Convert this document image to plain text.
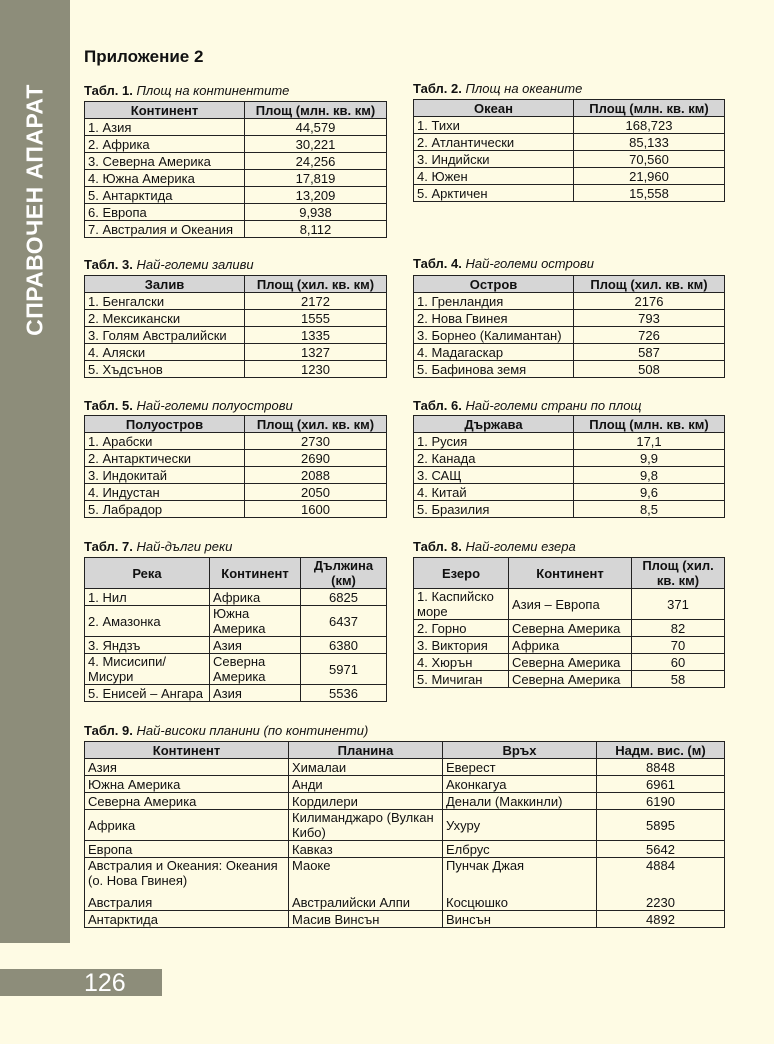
СПРАВОЧЕН АПАРАТ
Приложение 2
Табл. 1. Площ на континентите
Континент	Площ (млн. кв. км)
1. Азия	44,579
2. Африка	30,221
3. Северна Америка	24,256
4. Южна Америка	17,819
5. Антарктида	13,209
6. Европа	9,938
7. Австралия и Океания	8,112
Табл. 2. Площ на океаните
Океан	Площ (млн. кв. км)
1. Тихи	168,723
2. Атлантически	85,133
3. Индийски	70,560
4. Южен	21,960
5. Арктичен	15,558
Табл. 3. Най-големи заливи
Залив	Площ (хил. кв. км)
1. Бенгалски	2172
2. Мексикански	1555
3. Голям Австралийски	1335
4. Аляски	1327
5. Хъдсънов	1230
Табл. 4. Най-големи острови
Остров	Площ (хил. кв. км)
1. Гренландия	2176
2. Нова Гвинея	793
3. Борнео (Калимантан)	726
4. Мадагаскар	587
5. Бафинова земя	508
Табл. 5. Най-големи полуострови
Полуостров	Площ (хил. кв. км)
1. Арабски	2730
2. Антарктически	2690
3. Индокитай	2088
4. Индустан	2050
5. Лабрадор	1600
Табл. 6. Най-големи страни по площ
Държава	Площ (млн. кв. км)
1. Русия	17,1
2. Канада	9,9
3. САЩ	9,8
4. Китай	9,6
5. Бразилия	8,5
Табл. 7. Най-дълги реки
Река	Континент	Дължина (км)
1. Нил	Африка	6825
2. Амазонка	Южна Америка	6437
3. Яндзъ	Азия	6380
4. Мисисипи/ Мисури	Северна Америка	5971
5. Енисей – Ангара	Азия	5536
Табл. 8. Най-големи езера
Езеро	Континент	Площ (хил. кв. км)
1. Каспийско море	Азия – Европа	371
2. Горно	Северна Америка	82
3. Виктория	Африка	70
4. Хюрън	Северна Америка	60
5. Мичиган	Северна Америка	58
Табл. 9. Най-високи планини (по континенти)
Континент	Планина	Връх	Надм. вис. (м)
Азия	Хималаи	Еверест	8848
Южна Америка	Анди	Аконкагуа	6961
Северна Америка	Кордилери	Денали (Маккинли)	6190
Африка	Килиманджаро (Вулкан Кибо)	Ухуру	5895
Европа	Кавказ	Елбрус	5642
Австралия и Океания: Океания (о. Нова Гвинея)	Маоке	Пунчак Джая	4884
Австралия	Австралийски Алпи	Косцюшко	2230
Антарктида	Масив Винсън	Винсън	4892
126
